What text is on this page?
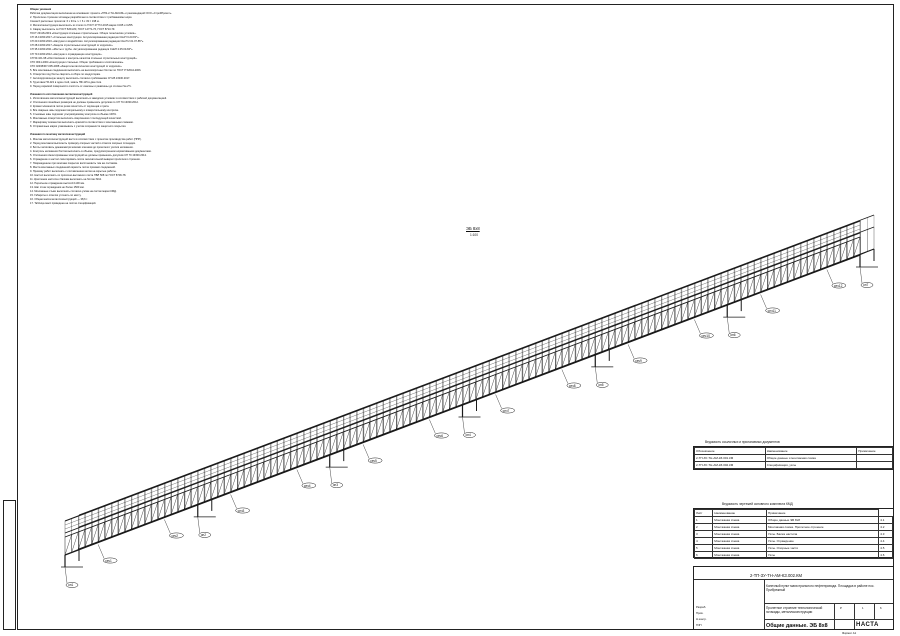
Общие указания
Рабочая документация выполнена на основании: проекта «ПП2-2-ТН-АМ-КМ» и рекомендаций ООО «СтройПроект».
2. Пролетное строение эстакады разработано в соответствии с требованиями норм.
Схема 6 расчетных пролетов: 6 x 33 м. L = 6 x 33 = 198 м.
3. Металлоконструкции выполнить из стали по ГОСТ 27772-2015 марки С345 и С255.
4. Сварку выполнять по ГОСТ 5264-80, ГОСТ 14771-76, ГОСТ 8713-79.
ГОСТ 23118-2019 «Конструкции стальные строительные. Общие технические условия».
СП 16.13330.2017 «Стальные конструкции. Актуализированная редакция СНиП II-23-81*».
СП 20.13330.2016 «Нагрузки и воздействия. Актуализированная редакция СНиП 2.01.07-85*».
СП 28.13330.2017 «Защита строительных конструкций от коррозии».
СП 35.13330.2011 «Мосты и трубы. Актуализированная редакция СНиП 2.05.03-84*».
СП 70.13330.2012 «Несущие и ограждающие конструкции».
СП 53-101-98 «Изготовление и контроль качества стальных строительных конструкций».
СТО 0041-2004 «Конструкции стальные. Общие требования к изготовлению».
СТО 02495307-005-2008 «Защита металлических конструкций от коррозии».
5. Все монтажные соединения выполнять на высокопрочных болтах по ГОСТ Р 52644-2006.
6. Отверстия под болты сверлить в сборе по кондукторам.
7. Антикоррозионную защиту выполнить согласно требованиям СП 28.13330.2017.
8. Грунтовка ГФ-021 в один слой, эмаль ПФ-115 в два слоя.
9. Перед окраской поверхности очистить от окалины и ржавчины до степени Sa 2½.

Указания по изготовлению металлоконструкций
1. Изготовление металлоконструкций выполнить в заводских условиях в соответствии с рабочей документацией.
2. Отклонения линейных размеров не должны превышать допусков по СП 70.13330.2012.
3. Кромки элементов после резки зачистить от заусенцев и грата.
4. Все сварные швы подлежат визуальному и измерительному контролю.
5. Стыковые швы подлежат ультразвуковому контролю в объеме 100%.
6. Монтажные отверстия выполнять сверлением с последующей зачисткой.
7. Маркировку элементов выполнить краской в соответствии с монтажными схемами.
8. Отправочные марки упаковывать с учетом сохранности защитного покрытия.

Указания по монтажу металлоконструкций
1. Монтаж металлоконструкций вести в соответствии с проектом производства работ (ППР).
2. Перед монтажом выполнить проверку опорных частей и отметок опорных площадок.
3. Болты затягивать динамометрическими ключами до проектного усилия натяжения.
4. Контроль натяжения болтов выполнить в объеме, предусмотренном нормативными документами.
5. Отклонения смонтированных конструкций не должны превышать допусков СП 70.13330.2012.
6. Ограждение и настил смонтировать после окончательной выверки пролетного строения.
7. Поврежденное при монтаже покрытие восстановить тем же составом.
8. Места монтажных соединений окрасить после приемки соединений.
9. Приемку работ выполнять с составлением актов на скрытые работы.
10. Настил выполнить из просечно-вытяжного листа ПВЛ 508 по ГОСТ 8706-78.
11. Крепление настила к балкам выполнить на болтах М12.
12. Перильное ограждение высотой 1100 мм.
13. Шаг стоек ограждения не более 1500 мм.
14. Монтажные стыки выполнить согласно узлам на листах марки КМД.
15. Габариты и отметки уточнить по месту.
16. Общая масса металлоконструкций — 38,6 т.
17. Таблица масс приведена на листах спецификаций.
ЭБ 8х8
1:100
сеч1
сеч2
сеч3
сеч4
сеч5
сеч6
сеч7
сеч8
сеч9
сеч10
сеч11
сеч12
оп1
оп2
оп3
оп4
оп5
оп6
оп7
Ведомость ссылочных и прилагаемых документов
Обозначение	Наименование	Примечание
2-ТП-ЗУ-ТН-АМ-КЗ.001.КМ	Общие данные и монтажная схема	
2-ТП-ЗУ-ТН-АМ-КЗ.002.КМ	Спецификация, узлы	
Ведомость чертежей основного комплекта КМД
Лист	Наименование	Примечание	
1	Монтажная схема	Общие данные ЭБ 8х8	4.1
2	Монтажная схема	Монтажная схема. Пролетное строение	4.2
3	Монтажная схема	Узлы. Балка настила	4.3
4	Монтажная схема	Узлы. Ограждение	4.4
5	Монтажная схема	Узлы. Опорные части	4.5
6	Монтажная схема	Узлы	4.6
2-ТП-ЗУ-ТН-АМ-КЗ.002.КМ
Конечный пункт магистрального нефтепровода. Площадка в районе пос. Прибрежный
Пролетное строение технологической эстакады, металлоконструкции
Р	1	6
Общие данные. ЭБ 8х8	НАСТА
Разраб.
Пров.
Н.контр.
ГИП
Формат А1
